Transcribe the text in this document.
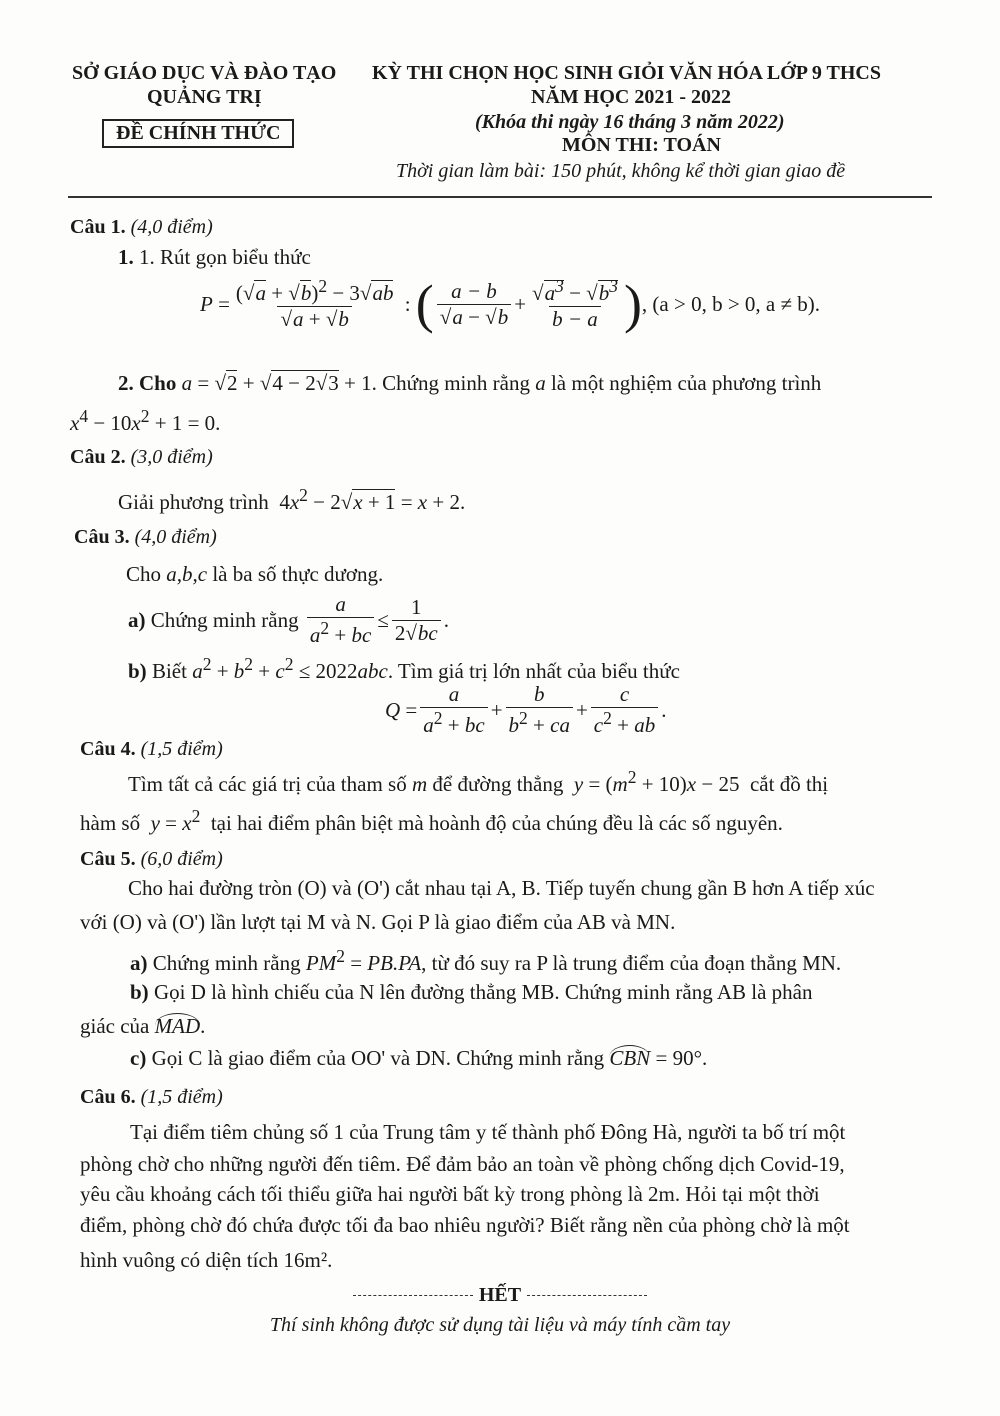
SỞ GIÁO DỤC VÀ ĐÀO TẠO
QUẢNG TRỊ
ĐỀ CHÍNH THỨC
KỲ THI CHỌN HỌC SINH GIỎI VĂN HÓA LỚP 9 THCS
NĂM HỌC 2021 - 2022
(Khóa thi ngày 16 tháng 3 năm 2022)
MÔN THI: TOÁN
Thời gian làm bài: 150 phút, không kể thời gian giao đề
Câu 1. (4,0 điểm)
1. 1. Rút gọn biểu thức
$P = \frac{(√a + √b)^2 - 3√ab}{√a + √b}$ : ( $\frac{a - b}{√a - √b} + \frac{√a^3 - √b^3}{b - a}$ ) , (a > 0, b > 0, a ≠ b).
2. Cho a = √2 + √4 − 2√3 + 1. Chứng minh rằng a là một nghiệm của phương trình
$x^4 - 10x^2 + 1 = 0$.
Câu 2. (3,0 điểm)
Giải phương trình  $4x^2 - 2√x + 1 = x + 2$.
Câu 3. (4,0 điểm)
Cho a,b,c là ba số thực dương.
a)
Chứng minh rằng
$\frac{a}{a^2 + bc} \le \frac{1}{2√bc}$ .
b) Biết $a^2 + b^2 + c^2 \le 2022abc$. Tìm giá trị lớn nhất của biểu thức
$Q = \frac{a}{a^2 + bc} + \frac{b}{b^2 + ca} + \frac{c}{c^2 + ab}$ .
Câu 4. (1,5 điểm)
Tìm tất cả các giá trị của tham số m để đường thẳng $y = (m^2 + 10)x - 25$  cắt đồ thị
hàm số $y = x^2$ tại hai điểm phân biệt mà hoành độ của chúng đều là các số nguyên.
Câu 5. (6,0 điểm)
Cho hai đường tròn (O) và (O') cắt nhau tại A, B. Tiếp tuyến chung gần B hơn A tiếp xúc
với (O) và (O') lần lượt tại M và N. Gọi P là giao điểm của AB và MN.
a) Chứng minh rằng $PM^2 = PB.PA$, từ đó suy ra P là trung điểm của đoạn thẳng MN.
b) Gọi D là hình chiếu của N lên đường thẳng MB. Chứng minh rằng AB là phân
giác của MAD.
c) Gọi C là giao điểm của OO' và DN. Chứng minh rằng CBN = 90°.
Câu 6. (1,5 điểm)
Tại điểm tiêm chủng số 1 của Trung tâm y tế thành phố Đông Hà, người ta bố trí một
phòng chờ cho những người đến tiêm. Để đảm bảo an toàn về phòng chống dịch Covid-19,
yêu cầu khoảng cách tối thiểu giữa hai người bất kỳ trong phòng là 2m. Hỏi tại một thời
điểm, phòng chờ đó chứa được tối đa bao nhiêu người? Biết rằng nền của phòng chờ là một
hình vuông có diện tích 16m².
HẾT
Thí sinh không được sử dụng tài liệu và máy tính cầm tay
